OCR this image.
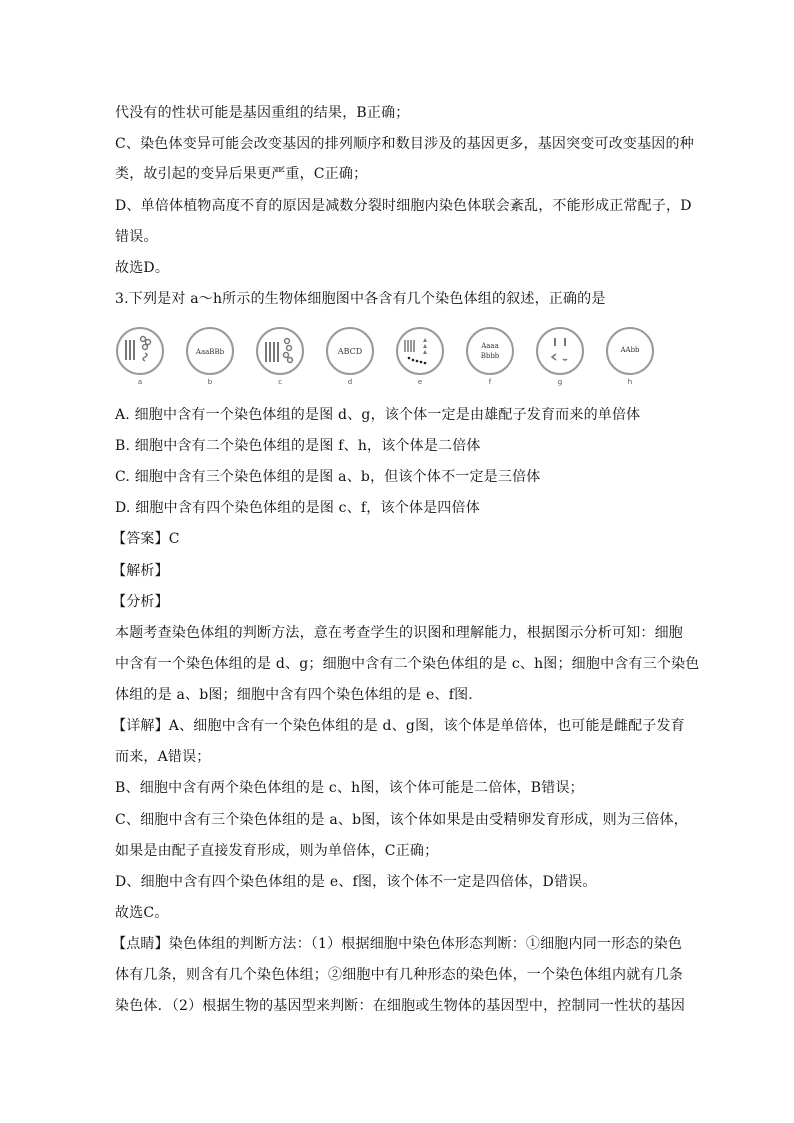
代没有的性状可能是基因重组的结果，B正确；
C、染色体变异可能会改变基因的排列顺序和数目涉及的基因更多，基因突变可改变基因的种
类，故引起的变异后果更严重，C正确；
D、单倍体植物高度不育的原因是减数分裂时细胞内染色体联会紊乱，不能形成正常配子，D
错误。
故选D。
3.下列是对 a～h所示的生物体细胞图中各含有几个染色体组的叙述，正确的是
a
AaaBBb
b	c
ABCD
d	e
Aaaa
Bbbb
f	g
AAbb
h
A. 细胞中含有一个染色体组的是图 d、g，该个体一定是由雄配子发育而来的单倍体
B. 细胞中含有二个染色体组的是图 f、h，该个体是二倍体
C. 细胞中含有三个染色体组的是图 a、b，但该个体不一定是三倍体
D. 细胞中含有四个染色体组的是图 c、f，该个体是四倍体
【答案】C
【解析】
【分析】
本题考查染色体组的判断方法，意在考查学生的识图和理解能力，根据图示分析可知：细胞
中含有一个染色体组的是 d、g；细胞中含有二个染色体组的是 c、h图；细胞中含有三个染色
体组的是 a、b图；细胞中含有四个染色体组的是 e、f图.
【详解】A、细胞中含有一个染色体组的是 d、g图，该个体是单倍体，也可能是雌配子发育
而来，A错误；
B、细胞中含有两个染色体组的是 c、h图，该个体可能是二倍体，B错误；
C、细胞中含有三个染色体组的是 a、b图，该个体如果是由受精卵发育形成，则为三倍体，
如果是由配子直接发育形成，则为单倍体，C正确；
D、细胞中含有四个染色体组的是 e、f图，该个体不一定是四倍体，D错误。
故选C。
【点睛】染色体组的判断方法：（1）根据细胞中染色体形态判断：①细胞内同一形态的染色
体有几条，则含有几个染色体组；②细胞中有几种形态的染色体，一个染色体组内就有几条
染色体．（2）根据生物的基因型来判断：在细胞或生物体的基因型中，控制同一性状的基因
